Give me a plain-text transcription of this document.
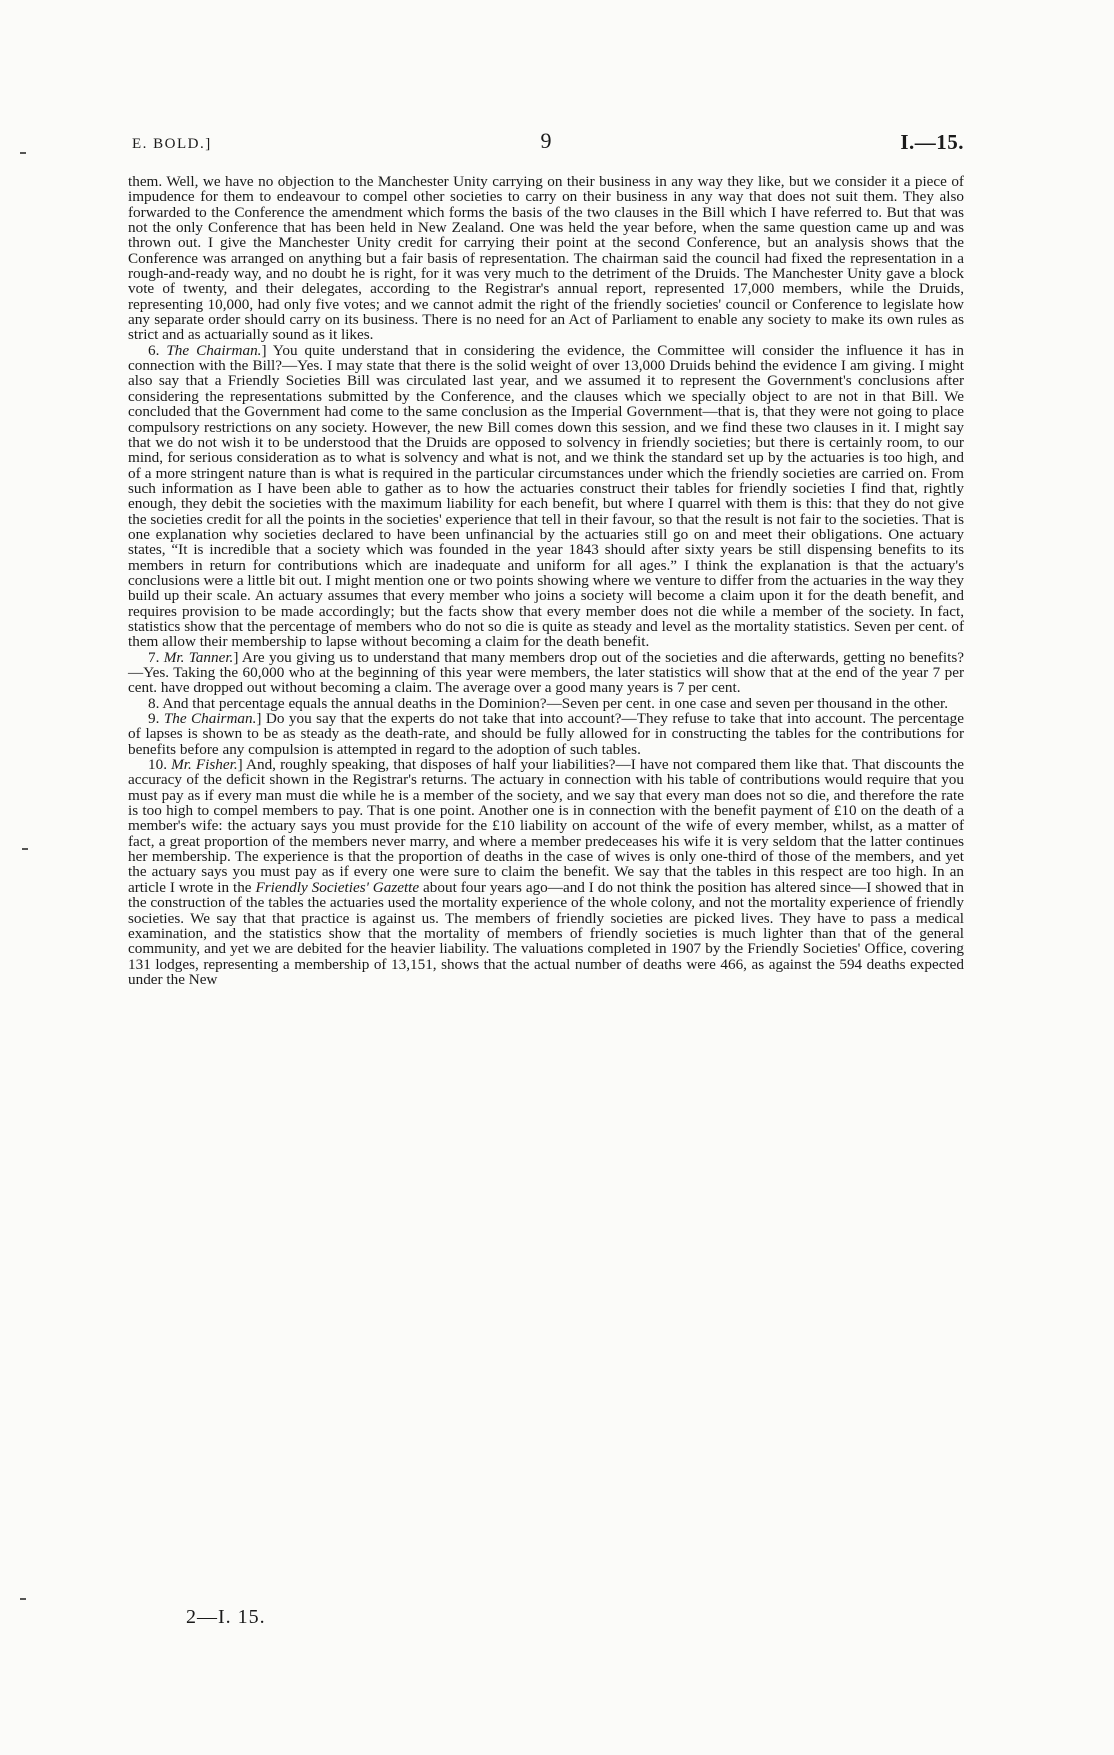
E. BOLD.]	9	I.—15.

them. Well, we have no objection to the Manchester Unity carrying on their business in any way they like, but we consider it a piece of impudence for them to endeavour to compel other societies to carry on their business in any way that does not suit them. They also forwarded to the Conference the amendment which forms the basis of the two clauses in the Bill which I have referred to. But that was not the only Conference that has been held in New Zealand. One was held the year before, when the same question came up and was thrown out. I give the Manchester Unity credit for carrying their point at the second Conference, but an analysis shows that the Conference was arranged on anything but a fair basis of representation. The chairman said the council had fixed the representation in a rough-and-ready way, and no doubt he is right, for it was very much to the detriment of the Druids. The Manchester Unity gave a block vote of twenty, and their delegates, according to the Registrar's annual report, represented 17,000 members, while the Druids, representing 10,000, had only five votes; and we cannot admit the right of the friendly societies' council or Conference to legislate how any separate order should carry on its business. There is no need for an Act of Parliament to enable any society to make its own rules as strict and as actuarially sound as it likes.

6. The Chairman.] You quite understand that in considering the evidence, the Committee will consider the influence it has in connection with the Bill?—Yes. I may state that there is the solid weight of over 13,000 Druids behind the evidence I am giving. I might also say that a Friendly Societies Bill was circulated last year, and we assumed it to represent the Government's conclusions after considering the representations submitted by the Conference, and the clauses which we specially object to are not in that Bill. We concluded that the Government had come to the same conclusion as the Imperial Government—that is, that they were not going to place compulsory restrictions on any society. However, the new Bill comes down this session, and we find these two clauses in it. I might say that we do not wish it to be understood that the Druids are opposed to solvency in friendly societies; but there is certainly room, to our mind, for serious consideration as to what is solvency and what is not, and we think the standard set up by the actuaries is too high, and of a more stringent nature than is what is required in the particular circumstances under which the friendly societies are carried on. From such information as I have been able to gather as to how the actuaries construct their tables for friendly societies I find that, rightly enough, they debit the societies with the maximum liability for each benefit, but where I quarrel with them is this: that they do not give the societies credit for all the points in the societies' experience that tell in their favour, so that the result is not fair to the societies. That is one explanation why societies declared to have been unfinancial by the actuaries still go on and meet their obligations. One actuary states, “It is incredible that a society which was founded in the year 1843 should after sixty years be still dispensing benefits to its members in return for contributions which are inadequate and uniform for all ages.” I think the explanation is that the actuary's conclusions were a little bit out. I might mention one or two points showing where we venture to differ from the actuaries in the way they build up their scale. An actuary assumes that every member who joins a society will become a claim upon it for the death benefit, and requires provision to be made accordingly; but the facts show that every member does not die while a member of the society. In fact, statistics show that the percentage of members who do not so die is quite as steady and level as the mortality statistics. Seven per cent. of them allow their membership to lapse without becoming a claim for the death benefit.

7. Mr. Tanner.] Are you giving us to understand that many members drop out of the societies and die afterwards, getting no benefits?—Yes. Taking the 60,000 who at the beginning of this year were members, the later statistics will show that at the end of the year 7 per cent. have dropped out without becoming a claim. The average over a good many years is 7 per cent.

8. And that percentage equals the annual deaths in the Dominion?—Seven per cent. in one case and seven per thousand in the other.

9. The Chairman.] Do you say that the experts do not take that into account?—They refuse to take that into account. The percentage of lapses is shown to be as steady as the death-rate, and should be fully allowed for in constructing the tables for the contributions for benefits before any compulsion is attempted in regard to the adoption of such tables.

10. Mr. Fisher.] And, roughly speaking, that disposes of half your liabilities?—I have not compared them like that. That discounts the accuracy of the deficit shown in the Registrar's returns. The actuary in connection with his table of contributions would require that you must pay as if every man must die while he is a member of the society, and we say that every man does not so die, and therefore the rate is too high to compel members to pay. That is one point. Another one is in connection with the benefit payment of £10 on the death of a member's wife: the actuary says you must provide for the £10 liability on account of the wife of every member, whilst, as a matter of fact, a great proportion of the members never marry, and where a member predeceases his wife it is very seldom that the latter continues her membership. The experience is that the proportion of deaths in the case of wives is only one-third of those of the members, and yet the actuary says you must pay as if every one were sure to claim the benefit. We say that the tables in this respect are too high. In an article I wrote in the Friendly Societies' Gazette about four years ago—and I do not think the position has altered since—I showed that in the construction of the tables the actuaries used the mortality experience of the whole colony, and not the mortality experience of friendly societies. We say that that practice is against us. The members of friendly societies are picked lives. They have to pass a medical examination, and the statistics show that the mortality of members of friendly societies is much lighter than that of the general community, and yet we are debited for the heavier liability. The valuations completed in 1907 by the Friendly Societies' Office, covering 131 lodges, representing a membership of 13,151, shows that the actual number of deaths were 466, as against the 594 deaths expected under the New

2—I. 15.
